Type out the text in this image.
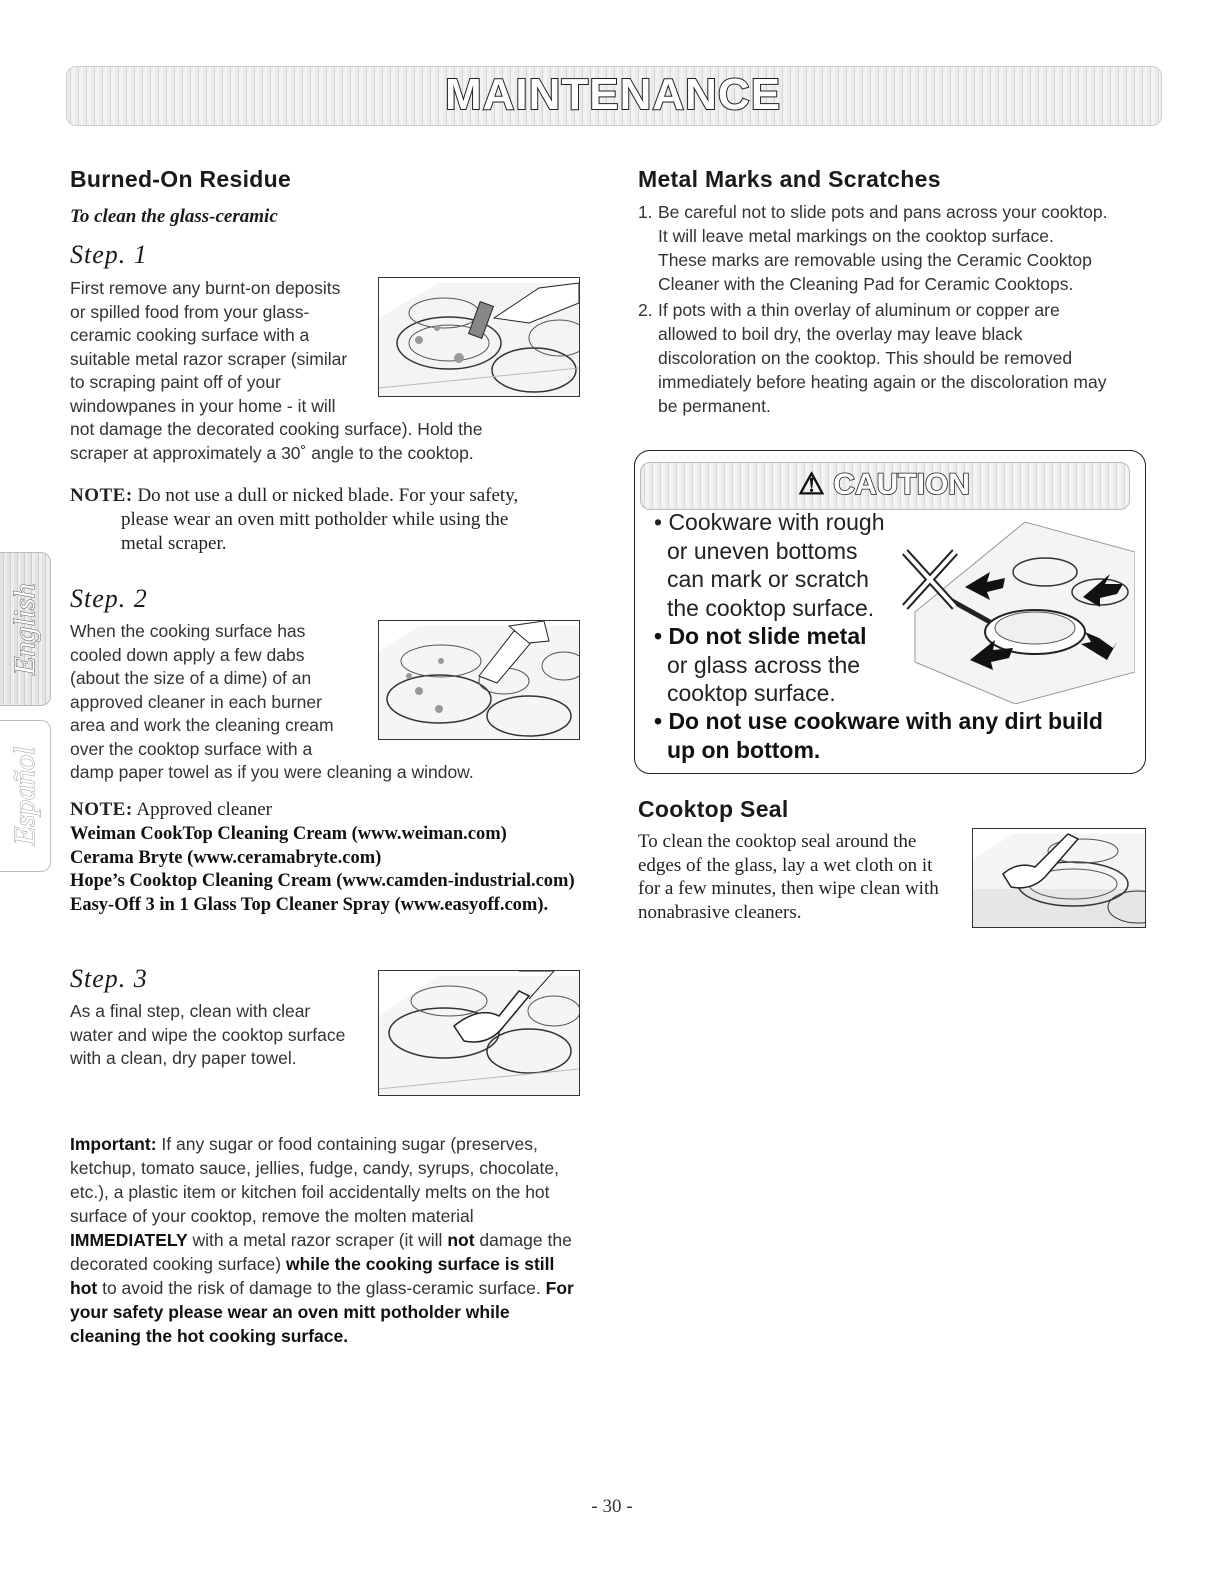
MAINTENANCE
English
Español
Burned-On Residue
To clean the glass-ceramic
Step. 1
First remove any burnt-on deposits
or spilled food from your glass-
ceramic cooking surface with a
suitable metal razor scraper (similar
to scraping paint off of your
windowpanes in your home - it will
not damage the decorated cooking surface). Hold the
scraper at approximately a 30˚ angle to the cooktop.
NOTE: Do not use a dull or nicked blade. For your safety,
please wear an oven mitt potholder while using the
metal scraper.
Step. 2
When the cooking surface has
cooled down apply a few dabs
(about the size of a dime) of an
approved cleaner in each burner
area and work the cleaning cream
over the cooktop surface with a
damp paper towel as if you were cleaning a window.
NOTE: Approved cleaner
Weiman CookTop Cleaning Cream (www.weiman.com)
Cerama Bryte (www.ceramabryte.com)
Hope’s Cooktop Cleaning Cream (www.camden-industrial.com)
Easy-Off 3 in 1 Glass Top Cleaner Spray (www.easyoff.com).
Step. 3
As a final step, clean with clear
water and wipe the cooktop surface
with a clean, dry paper towel.
Important: If any sugar or food containing sugar (preserves, ketchup, tomato sauce, jellies, fudge, candy, syrups, chocolate, etc.), a plastic item or kitchen foil accidentally melts on the hot surface of your cooktop, remove the molten material IMMEDIATELY with a metal razor scraper (it will not damage the decorated cooking surface) while the cooking surface is still hot to avoid the risk of damage to the glass-ceramic surface. For your safety please wear an oven mitt potholder while cleaning the hot cooking surface.
Metal Marks and Scratches
1. Be careful not to slide pots and pans across your cooktop.
It will leave metal markings on the cooktop surface.
These marks are removable using the Ceramic Cooktop
Cleaner with the Cleaning Pad for Ceramic Cooktops.
2. If pots with a thin overlay of aluminum or copper are
allowed to boil dry, the overlay may leave black
discoloration on the cooktop. This should be removed
immediately before heating again or the discoloration may
be permanent.
⚠ CAUTION
• Cookware with rough
or uneven bottoms
can mark or scratch
the cooktop surface.
• Do not slide metal
or glass across the
cooktop surface.
• Do not use cookware with any dirt build
up on bottom.
Cooktop Seal
To clean the cooktop seal around the
edges of the glass, lay a wet cloth on it
for a few minutes, then wipe clean with
nonabrasive cleaners.
- 30 -
